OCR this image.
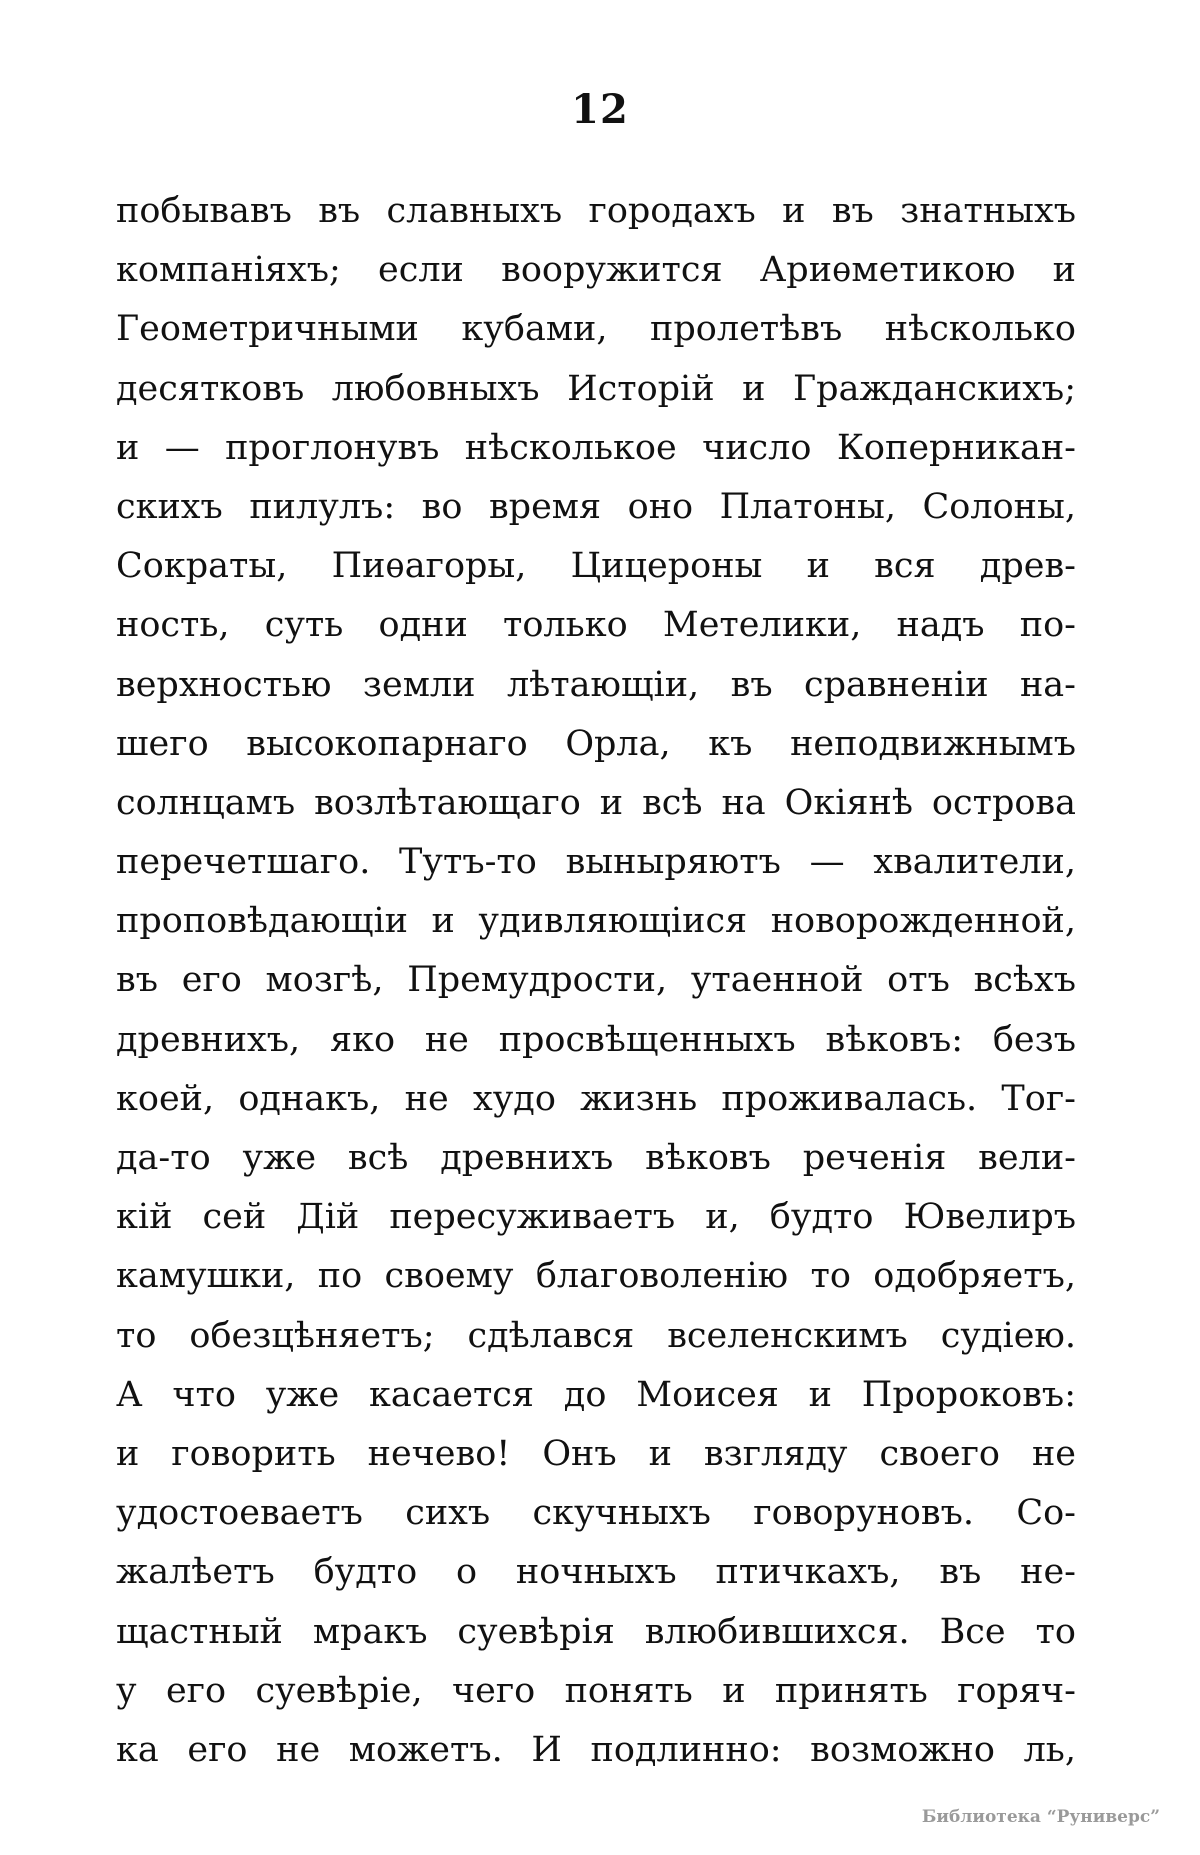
12
побывавъ въ славныхъ городахъ и въ знатныхъ
компаніяхъ; если вооружится Ариѳметикою и
Геометричными кубами, пролетѣвъ нѣсколько
десятковъ любовныхъ Исторій и Гражданскихъ;
и — проглонувъ нѣсколькое число Коперникан-
скихъ пилулъ: во время оно Платоны, Солоны,
Сократы, Пиѳагоры, Цицероны и вся древ-
ность, суть одни только Метелики, надъ по-
верхностью земли лѣтающіи, въ сравненіи на-
шего высокопарнаго Орла, къ неподвижнымъ
солнцамъ возлѣтающаго и всѣ на Окіянѣ острова
перечетшаго. Тутъ-то выныряютъ — хвалители,
проповѣдающіи и удивляющіися новорожденной,
въ его мозгѣ, Премудрости, утаенной отъ всѣхъ
древнихъ, яко не просвѣщенныхъ вѣковъ: безъ
коей, однакъ, не худо жизнь проживалась. Тог-
да-то уже всѣ древнихъ вѣковъ реченія вели-
кій сей Дій пересуживаетъ и, будто Ювелиръ
камушки, по своему благоволенію то одобряетъ,
то обезцѣняетъ; сдѣлався вселенскимъ судіею.
А что уже касается до Моисея и Пророковъ:
и говорить нечево! Онъ и взгляду своего не
удостоеваетъ сихъ скучныхъ говоруновъ. Со-
жалѣетъ будто о ночныхъ птичкахъ, въ не-
щастный мракъ суевѣрія влюбившихся. Все то
у его суевѣріе, чего понять и принять горяч-
ка его не можетъ. И подлинно: возможно ль,
Библиотека “Руниверс”
